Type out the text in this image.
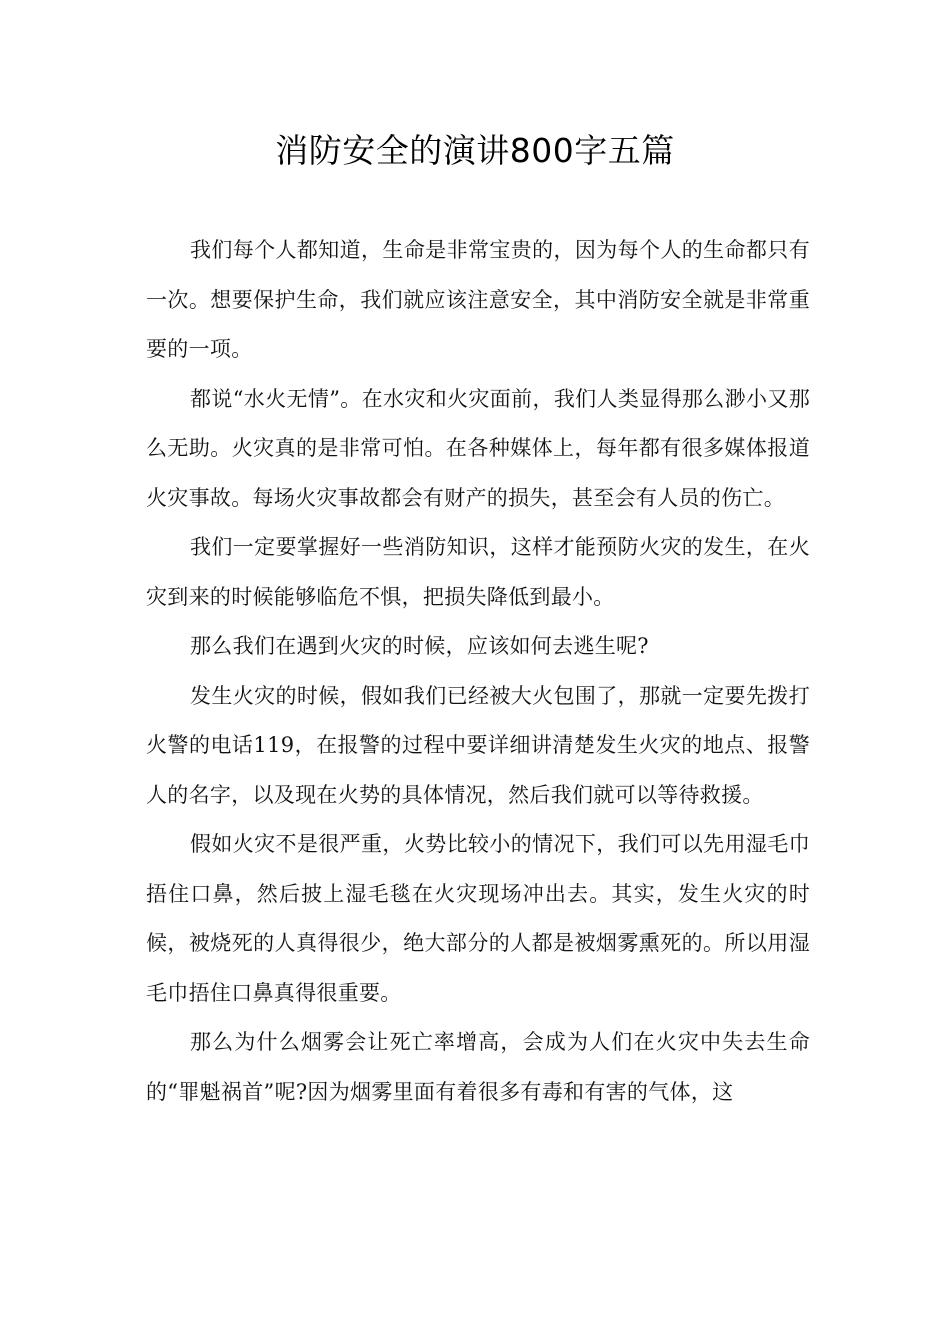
消防安全的演讲800字五篇

我们每个人都知道，生命是非常宝贵的，因为每个人的生命都只有一次。想要保护生命，我们就应该注意安全，其中消防安全就是非常重要的一项。

都说“水火无情”。在水灾和火灾面前，我们人类显得那么渺小又那么无助。火灾真的是非常可怕。在各种媒体上，每年都有很多媒体报道火灾事故。每场火灾事故都会有财产的损失，甚至会有人员的伤亡。

我们一定要掌握好一些消防知识，这样才能预防火灾的发生，在火灾到来的时候能够临危不惧，把损失降低到最小。

那么我们在遇到火灾的时候，应该如何去逃生呢?

发生火灾的时候，假如我们已经被大火包围了，那就一定要先拨打火警的电话119，在报警的过程中要详细讲清楚发生火灾的地点、报警人的名字，以及现在火势的具体情况，然后我们就可以等待救援。

假如火灾不是很严重，火势比较小的情况下，我们可以先用湿毛巾捂住口鼻，然后披上湿毛毯在火灾现场冲出去。其实，发生火灾的时候，被烧死的人真得很少，绝大部分的人都是被烟雾熏死的。所以用湿毛巾捂住口鼻真得很重要。

那么为什么烟雾会让死亡率增高，会成为人们在火灾中失去生命的“罪魁祸首”呢?因为烟雾里面有着很多有毒和有害的气体，这
